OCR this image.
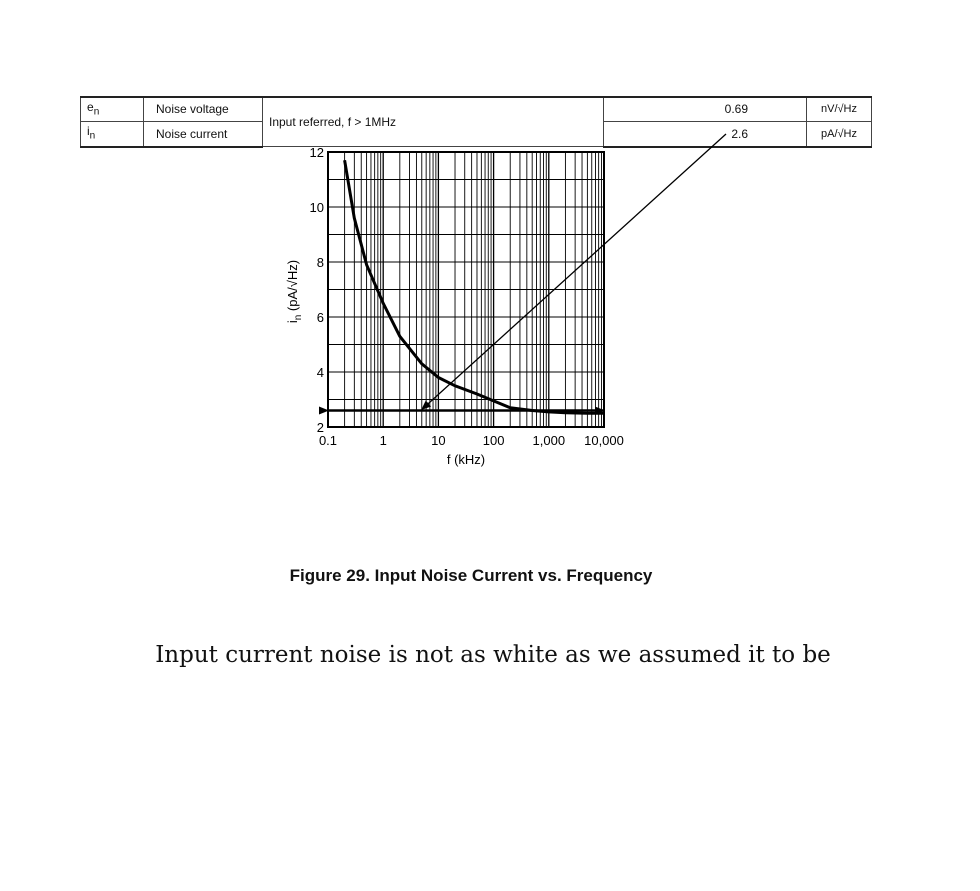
$e_n$	Noise voltage	Input referred, f > 1MHz	0.69	nV/√Hz
$i_n$	Noise current		2.6	pA/√Hz
0.1	1	10	100 1,000 10,000
2
4
6
8
10
12
f (kHz)
$i_n$ (pA/√Hz)
Figure 29. Input Noise Current vs. Frequency
Input current noise is not as white as we assumed it to be
